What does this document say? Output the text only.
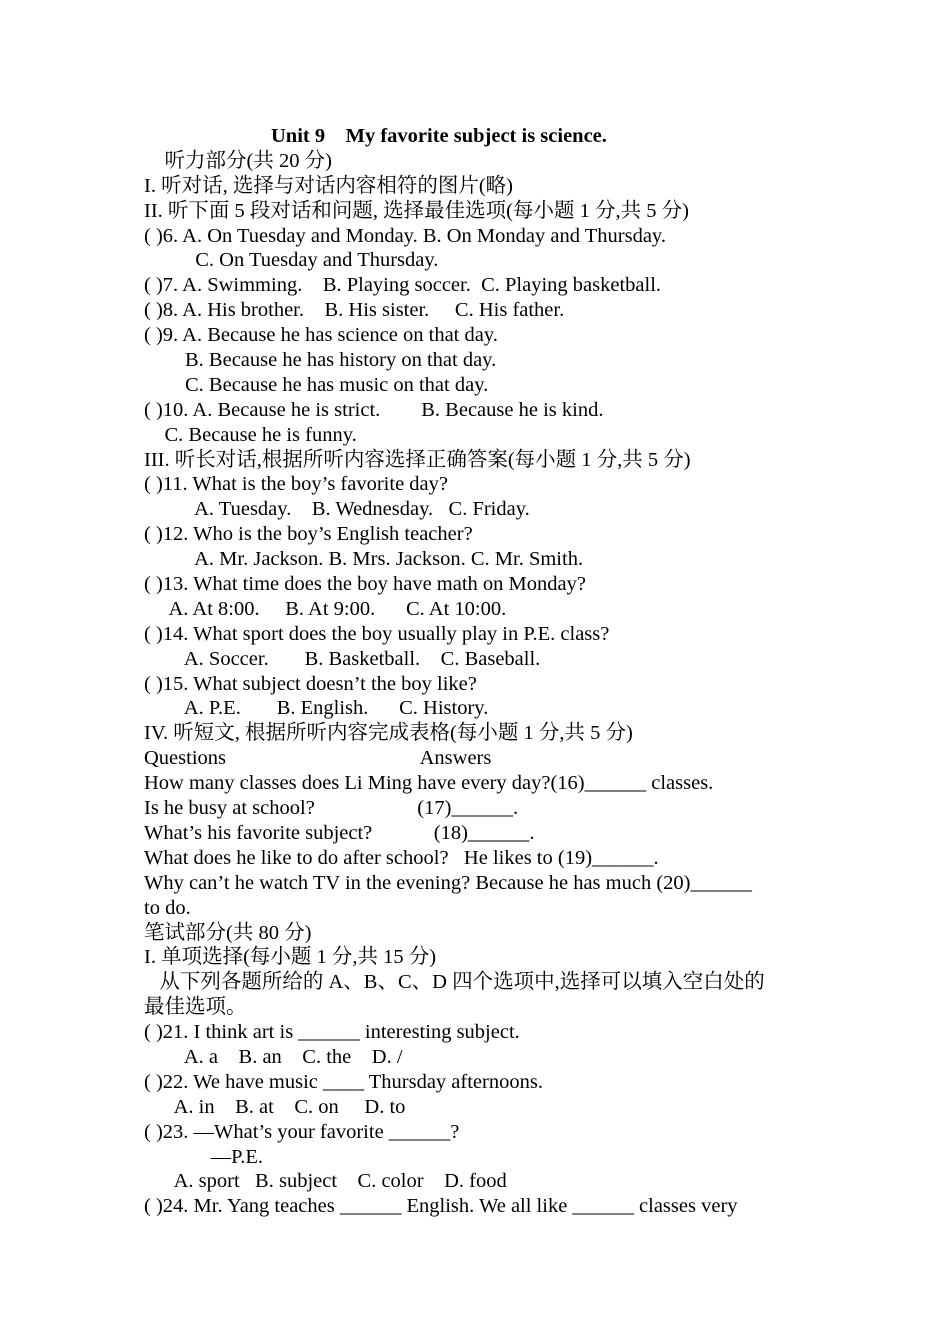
Unit 9    My favorite subject is science.
听力部分(共 20 分)
I. 听对话, 选择与对话内容相符的图片(略)
II. 听下面 5 段对话和问题, 选择最佳选项(每小题 1 分,共 5 分)
( )6. A. On Tuesday and Monday. B. On Monday and Thursday.
C. On Tuesday and Thursday.
( )7. A. Swimming.    B. Playing soccer.  C. Playing basketball.
( )8. A. His brother.    B. His sister.     C. His father.
( )9. A. Because he has science on that day.
B. Because he has history on that day.
C. Because he has music on that day.
( )10. A. Because he is strict.        B. Because he is kind.
C. Because he is funny.
III. 听长对话,根据所听内容选择正确答案(每小题 1 分,共 5 分)
( )11. What is the boy’s favorite day?
A. Tuesday.    B. Wednesday.   C. Friday.
( )12. Who is the boy’s English teacher?
A. Mr. Jackson. B. Mrs. Jackson. C. Mr. Smith.
( )13. What time does the boy have math on Monday?
A. At 8:00.     B. At 9:00.      C. At 10:00.
( )14. What sport does the boy usually play in P.E. class?
A. Soccer.       B. Basketball.    C. Baseball.
( )15. What subject doesn’t the boy like?
A. P.E.       B. English.      C. History.
IV. 听短文, 根据所听内容完成表格(每小题 1 分,共 5 分)
Questions                                      Answers
How many classes does Li Ming have every day?(16)______ classes.
Is he busy at school?                    (17)______.
What’s his favorite subject?            (18)______.
What does he like to do after school?   He likes to (19)______.
Why can’t he watch TV in the evening? Because he has much (20)______
to do.
笔试部分(共 80 分)
I. 单项选择(每小题 1 分,共 15 分)
从下列各题所给的 A、B、C、D 四个选项中,选择可以填入空白处的
最佳选项。
( )21. I think art is ______ interesting subject.
A. a    B. an    C. the    D. /
( )22. We have music ____ Thursday afternoons.
A. in    B. at    C. on     D. to
( )23. —What’s your favorite ______?
—P.E.
A. sport   B. subject    C. color    D. food
( )24. Mr. Yang teaches ______ English. We all like ______ classes very
